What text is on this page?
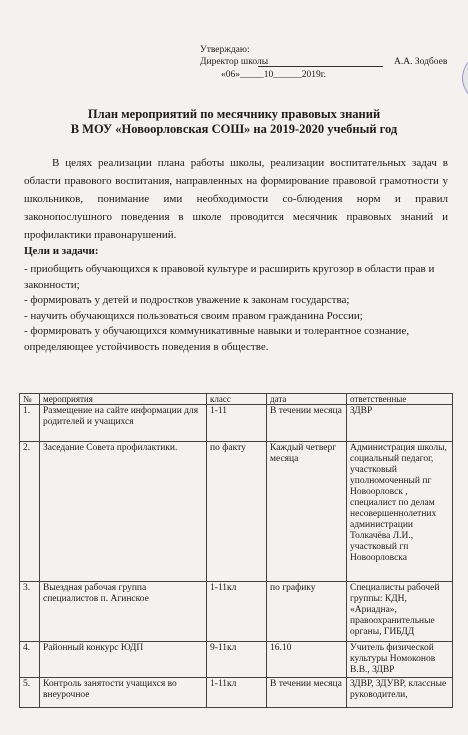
Утверждаю:
Директор школы	А.А. Зодбоев
«06»_____10______2019г.
План мероприятий по месячнику правовых знаний
В МОУ «Новоорловская СОШ» на 2019-2020 учебный год
В целях реализации плана работы школы, реализации воспитательных задач в области правового воспитания, направленных на формирование правовой грамотности у школьников, понимание ими необходимости со-блюдения норм и правил законопослушного поведения в школе проводится месячник правовых знаний и профилактики правонарушений.
Цели и задачи:
- приобщить обучающихся к правовой культуре и расширить кругозор в области прав и законности;
- формировать у детей и подростков уважение к законам государства;
- научить обучающихся пользоваться своим правом гражданина России;
- формировать у обучающихся коммуникативные навыки и толерантное сознание, определяющее устойчивость поведения в обществе.
№	мероприятия	класс	дата	ответственные
1.	Размещение на сайте информации для родителей и учащихся	1-11	В течении месяца	ЗДВР
2.	Заседание Совета профилактики.	по факту	Каждый четверг месяца	Администрация школы, социальный педагог, участковый уполномоченный пг Новоорловск , специалист по делам несовершеннолетних администрации Толкачёва Л.И., участковый гп Новоорловска
3.	Выездная рабочая группа специалистов п. Агинское	1-11кл	по графику	Специалисты рабочей группы: КДН, «Ариадна», правоохранительные органы, ГИБДД
4.	Районный конкурс ЮДП	9-11кл	16.10	Учитель физической культуры Номоконов В.В., ЗДВР
5.	Контроль занятости учащихся во внеурочное	1-11кл	В течении месяца	ЗДВР, ЗДУВР, классные руководители,
